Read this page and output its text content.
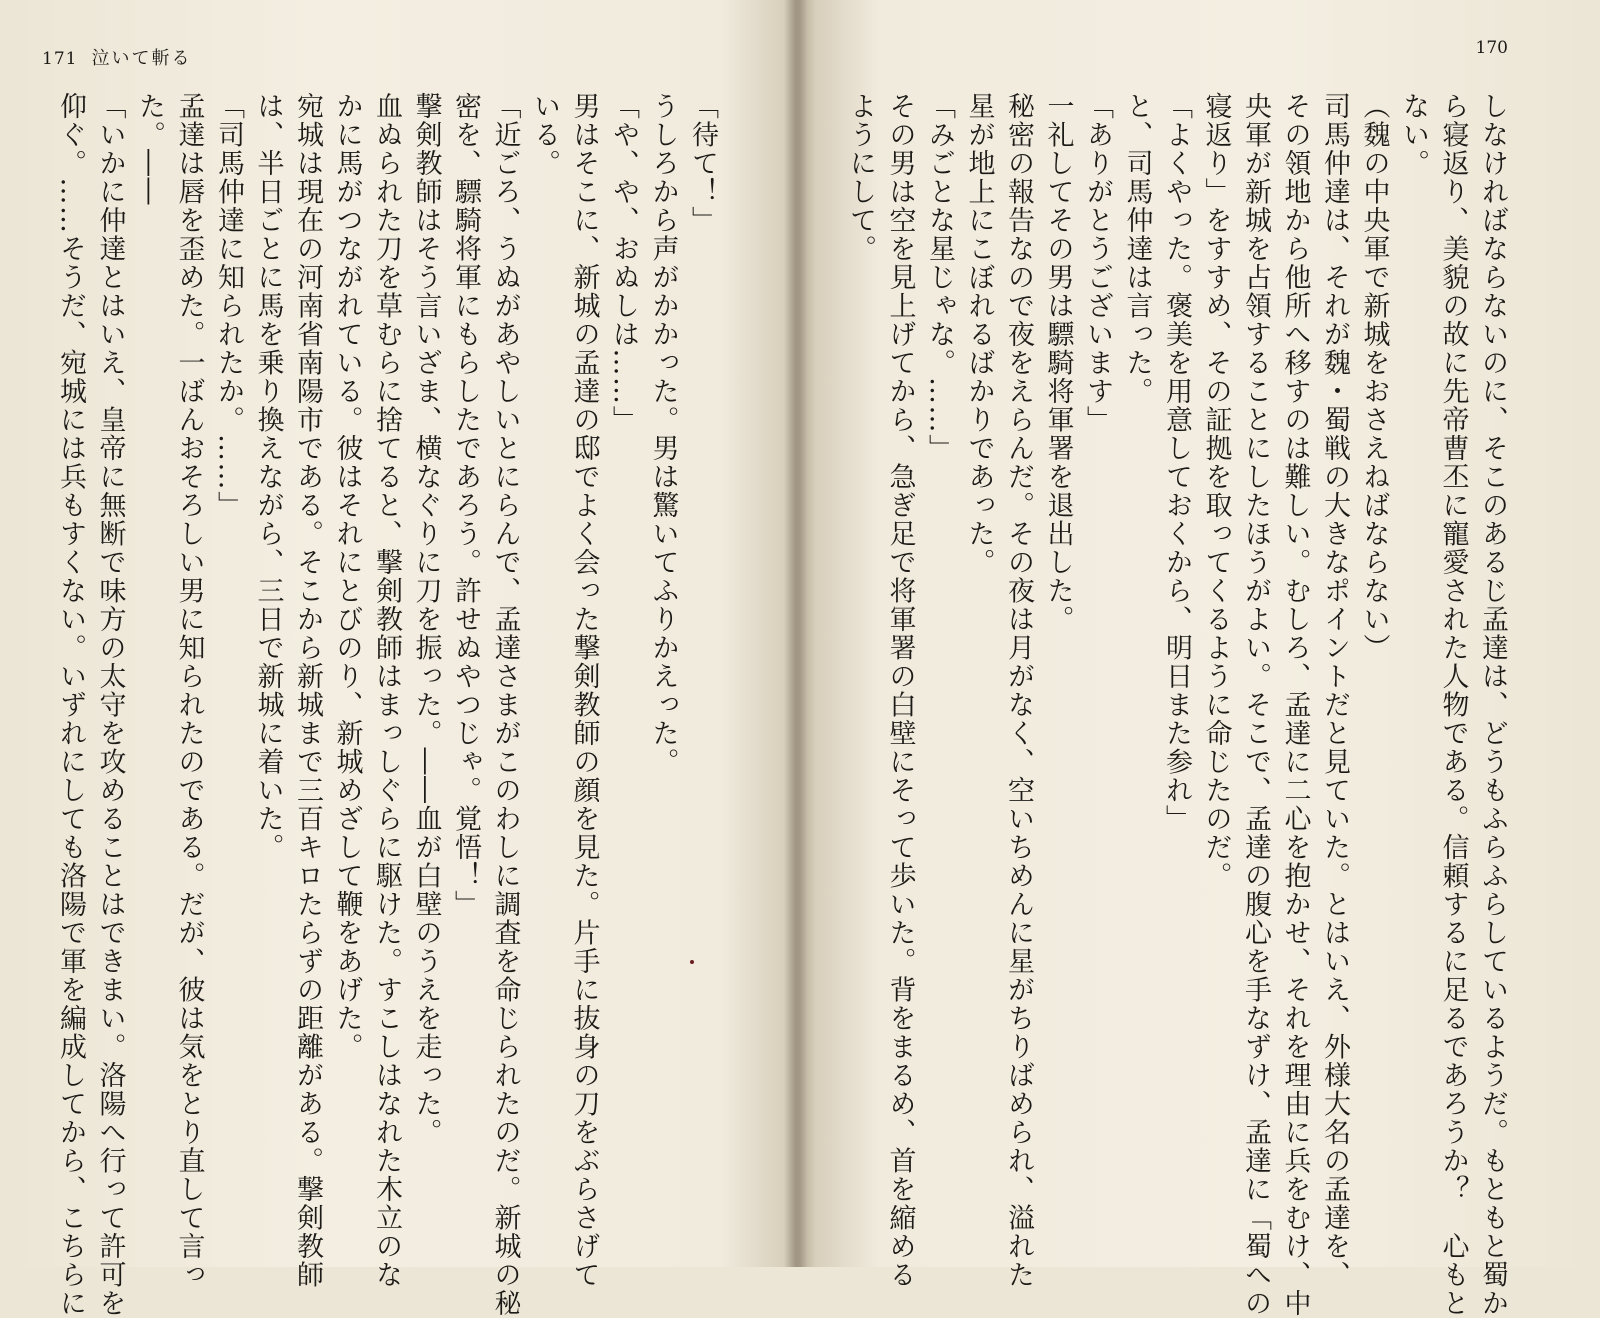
171 泣いて斬る
「待て！」
うしろから声がかかった。男は驚いてふりかえった。
「や、や、おぬしは……」
男はそこに、新城の孟達の邸でよく会った撃剣教師の顔を見た。片手に抜身の刀をぶらさげて
いる。
「近ごろ、うぬがあやしいとにらんで、孟達さまがこのわしに調査を命じられたのだ。新城の秘
密を、驃騎将軍にもらしたであろう。許せぬやつじゃ。覚悟！」
撃剣教師はそう言いざま、横なぐりに刀を振った。――血が白壁のうえを走った。
血ぬられた刀を草むらに捨てると、撃剣教師はまっしぐらに駆けた。すこしはなれた木立のな
かに馬がつながれている。彼はそれにとびのり、新城めざして鞭をあげた。
宛城は現在の河南省南陽市である。そこから新城まで三百キロたらずの距離がある。撃剣教師
は、半日ごとに馬を乗り換えながら、三日で新城に着いた。
「司馬仲達に知られたか。……」
孟達は唇を歪めた。一ばんおそろしい男に知られたのである。だが、彼は気をとり直して言っ
た。――
「いかに仲達とはいえ、皇帝に無断で味方の太守を攻めることはできまい。洛陽へ行って許可を
仰ぐ。……そうだ、宛城には兵もすくない。いずれにしても洛陽で軍を編成してから、こちらに
170
しなければならないのに、そこのあるじ孟達は、どうもふらふらしているようだ。もともと蜀か
ら寝返り、美貌の故に先帝曹丕に寵愛された人物である。信頼するに足るであろうか？　心もと
ない。
（魏の中央軍で新城をおさえねばならない）
司馬仲達は、それが魏・蜀戦の大きなポイントだと見ていた。とはいえ、外様大名の孟達を、
その領地から他所へ移すのは難しい。むしろ、孟達に二心を抱かせ、それを理由に兵をむけ、中
央軍が新城を占領することにしたほうがよい。そこで、孟達の腹心を手なずけ、孟達に「蜀への
寝返り」をすすめ、その証拠を取ってくるように命じたのだ。
「よくやった。褒美を用意しておくから、明日また参れ」
と、司馬仲達は言った。
「ありがとうございます」
一礼してその男は驃騎将軍署を退出した。
秘密の報告なので夜をえらんだ。その夜は月がなく、空いちめんに星がちりばめられ、溢れた
星が地上にこぼれるばかりであった。
「みごとな星じゃな。……」
その男は空を見上げてから、急ぎ足で将軍署の白壁にそって歩いた。背をまるめ、首を縮める
ようにして。
